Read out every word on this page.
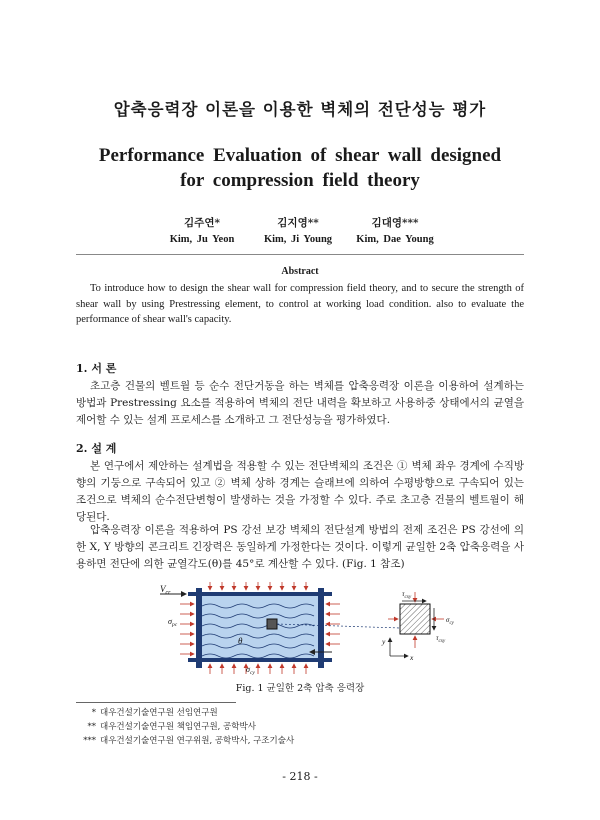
압축응력장 이론을 이용한 벽체의 전단성능 평가
Performance Evaluation of shear wall designed
for compression field theory
김주연*
Kim, Ju Yeon
김지영**
Kim, Ji Young
김대영***
Kim, Dae Young
Abstract
To introduce how to design the shear wall for compression field theory, and to secure the strength of shear wall by using Prestressing element, to control at working load condition. also to evaluate the performance of shear wall's capacity.
1. 서 론
초고층 건물의 벨트월 등 순수 전단거동을 하는 벽체를 압축응력장 이론을 이용하여 설계하는 방법과 Prestressing 요소를 적용하여 벽체의 전단 내력을 확보하고 사용하중 상태에서의 균열을 제어할 수 있는 설계 프로세스를 소개하고 그 전단성능을 평가하였다.
2. 설 계
본 연구에서 제안하는 설계법을 적용할 수 있는 전단벽체의 조건은 ① 벽체 좌우 경계에 수직방향의 기둥으로 구속되어 있고 ② 벽체 상하 경계는 슬래브에 의하여 수평방향으로 구속되어 있는 조건으로 벽체의 순수전단변형이 발생하는 것을 가정할 수 있다. 주로 초고층 건물의 벨트월이 해당된다.
압축응력장 이론을 적용하여 PS 강선 보강 벽체의 전단설계 방법의 전제 조건은 PS 강선에 의한 X, Y 방향의 콘크리트 긴장력은 동일하게 가정한다는 것이다. 이렇게 균일한 2축 압축응력을 사용하면 전단에 의한 균열각도(θ)를 45°로 계산할 수 있다. (Fig. 1 참조)
$V_{cr}$
$\sigma_{pc}$
θ
$\sigma_{cy}$
$\tau_{cxy}$
$\tau_{cxy}$
$\sigma_{cy}$
y
x
Fig. 1 균일한 2축 압축 응력장
* 대우건설기술연구원 선임연구원
** 대우건설기술연구원 책임연구원, 공학박사
*** 대우건설기술연구원 연구위원, 공학박사, 구조기술사
- 218 -
